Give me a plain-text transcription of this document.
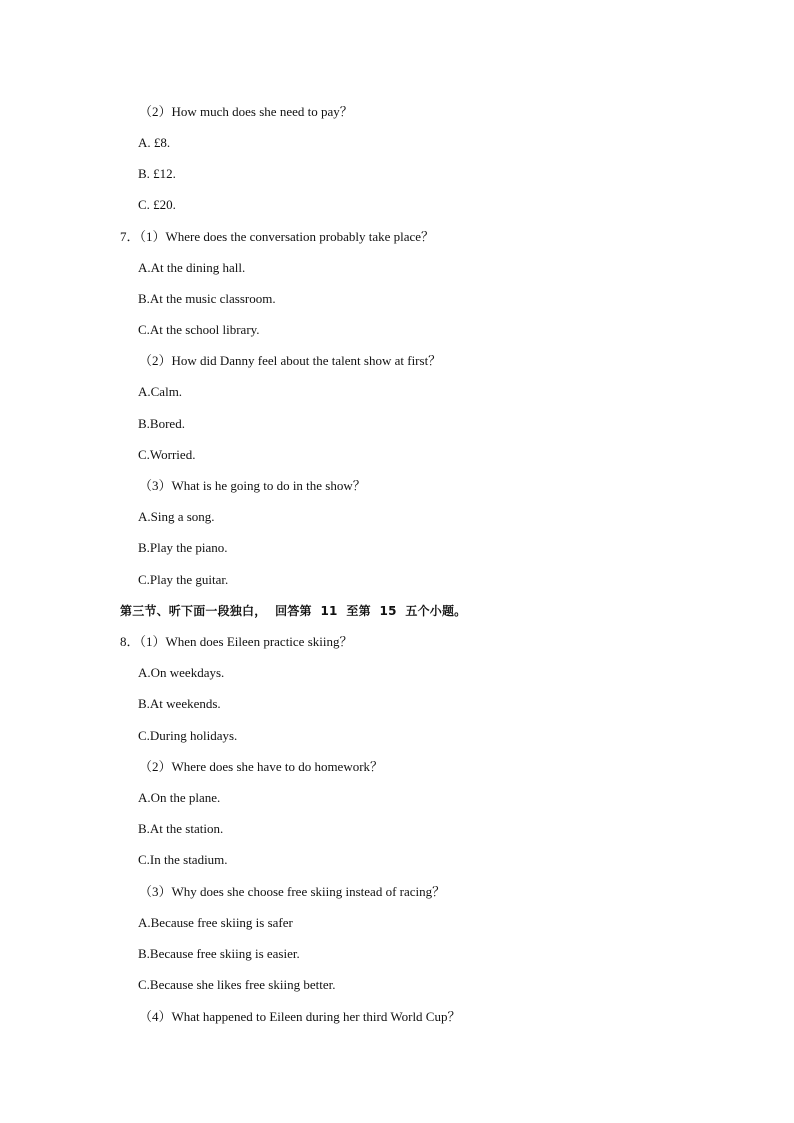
（2）How much does she need to pay？
A. £8.
B. £12.
C. £20.
7．（1）Where does the conversation probably take place？
A.At the dining hall.
B.At the music classroom.
C.At the school library.
（2）How did Danny feel about the talent show at first？
A.Calm.
B.Bored.
C.Worried.
（3）What is he going to do in the show？
A.Sing a song.
B.Play the piano.
C.Play the guitar.
第三节、听下面一段独白，  回答第  11  至第  15  五个小题。
8．（1）When does Eileen practice skiing？
A.On weekdays.
B.At weekends.
C.During holidays.
（2）Where does she have to do homework？
A.On the plane.
B.At the station.
C.In the stadium.
（3）Why does she choose free skiing instead of racing？
A.Because free skiing is safer
B.Because free skiing is easier.
C.Because she likes free skiing better.
（4）What happened to Eileen during her third World Cup？
